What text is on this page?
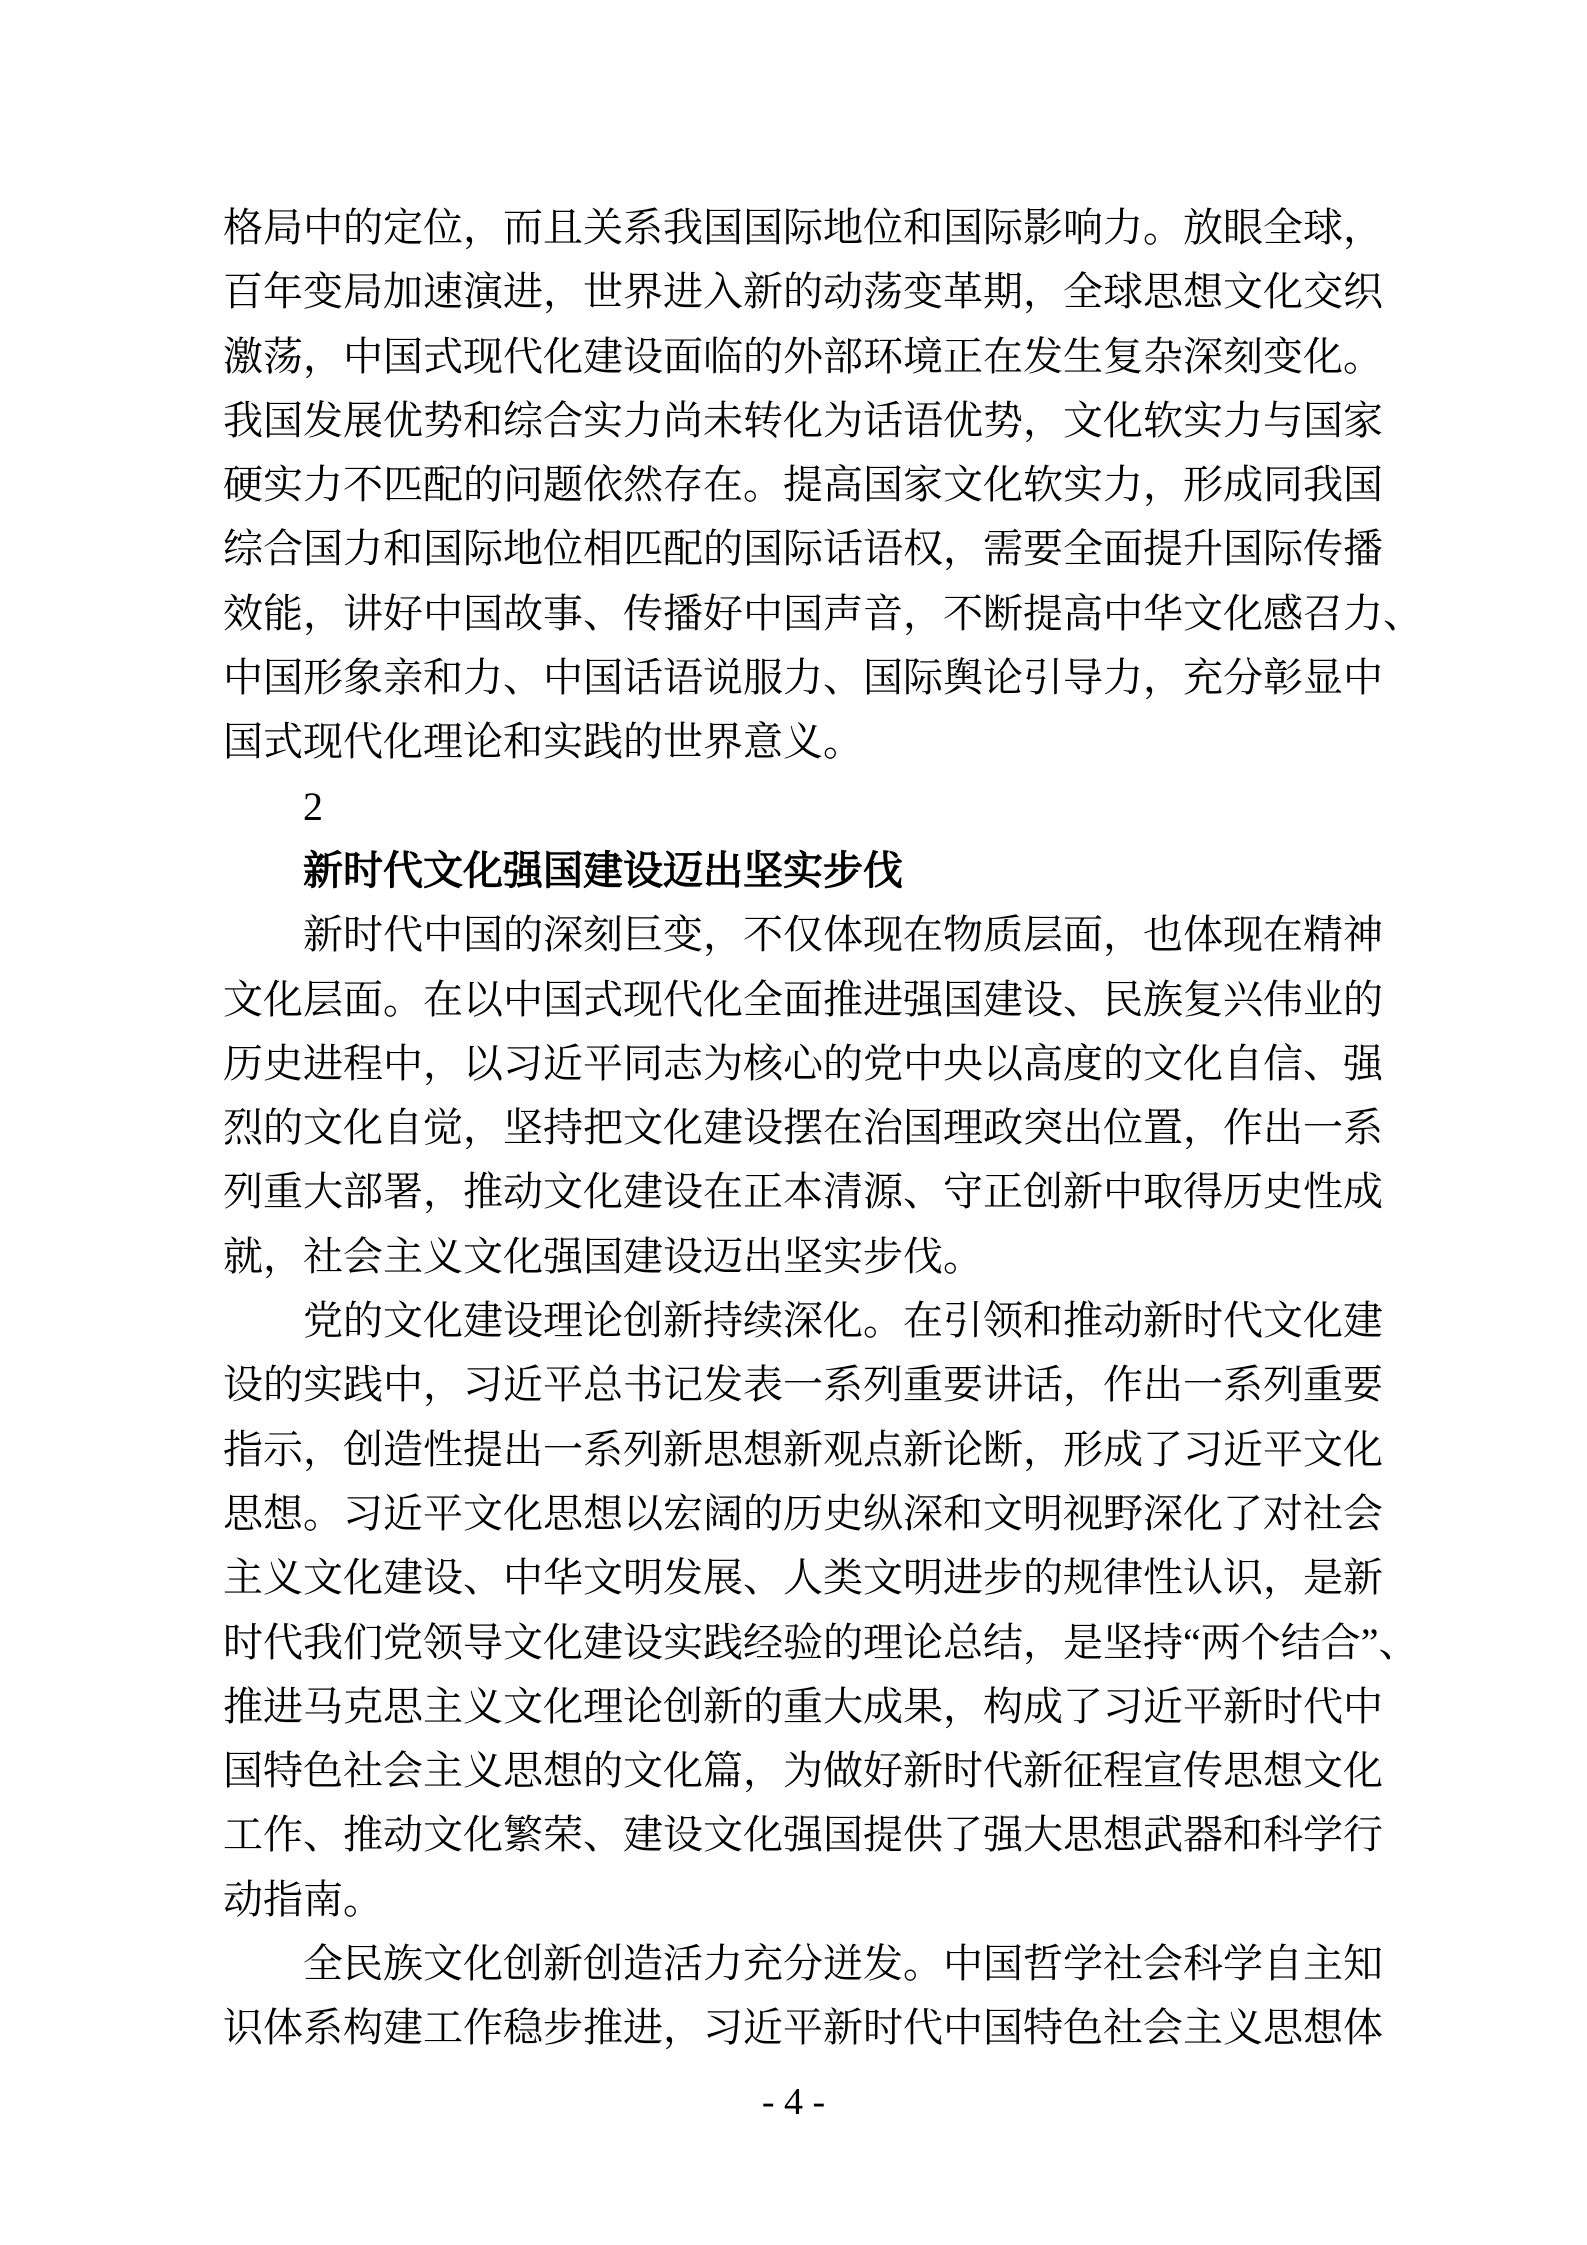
格局中的定位，而且关系我国国际地位和国际影响力。放眼全球，
百年变局加速演进，世界进入新的动荡变革期，全球思想文化交织
激荡，中国式现代化建设面临的外部环境正在发生复杂深刻变化。
我国发展优势和综合实力尚未转化为话语优势，文化软实力与国家
硬实力不匹配的问题依然存在。提高国家文化软实力，形成同我国
综合国力和国际地位相匹配的国际话语权，需要全面提升国际传播
效能，讲好中国故事、传播好中国声音，不断提高中华文化感召力、
中国形象亲和力、中国话语说服力、国际舆论引导力，充分彰显中
国式现代化理论和实践的世界意义。
2
新时代文化强国建设迈出坚实步伐
新时代中国的深刻巨变，不仅体现在物质层面，也体现在精神
文化层面。在以中国式现代化全面推进强国建设、民族复兴伟业的
历史进程中，以习近平同志为核心的党中央以高度的文化自信、强
烈的文化自觉，坚持把文化建设摆在治国理政突出位置，作出一系
列重大部署，推动文化建设在正本清源、守正创新中取得历史性成
就，社会主义文化强国建设迈出坚实步伐。
党的文化建设理论创新持续深化。在引领和推动新时代文化建
设的实践中，习近平总书记发表一系列重要讲话，作出一系列重要
指示，创造性提出一系列新思想新观点新论断，形成了习近平文化
思想。习近平文化思想以宏阔的历史纵深和文明视野深化了对社会
主义文化建设、中华文明发展、人类文明进步的规律性认识，是新
时代我们党领导文化建设实践经验的理论总结，是坚持“两个结合”、
推进马克思主义文化理论创新的重大成果，构成了习近平新时代中
国特色社会主义思想的文化篇，为做好新时代新征程宣传思想文化
工作、推动文化繁荣、建设文化强国提供了强大思想武器和科学行
动指南。
全民族文化创新创造活力充分迸发。中国哲学社会科学自主知
识体系构建工作稳步推进，习近平新时代中国特色社会主义思想体
- 4 -
